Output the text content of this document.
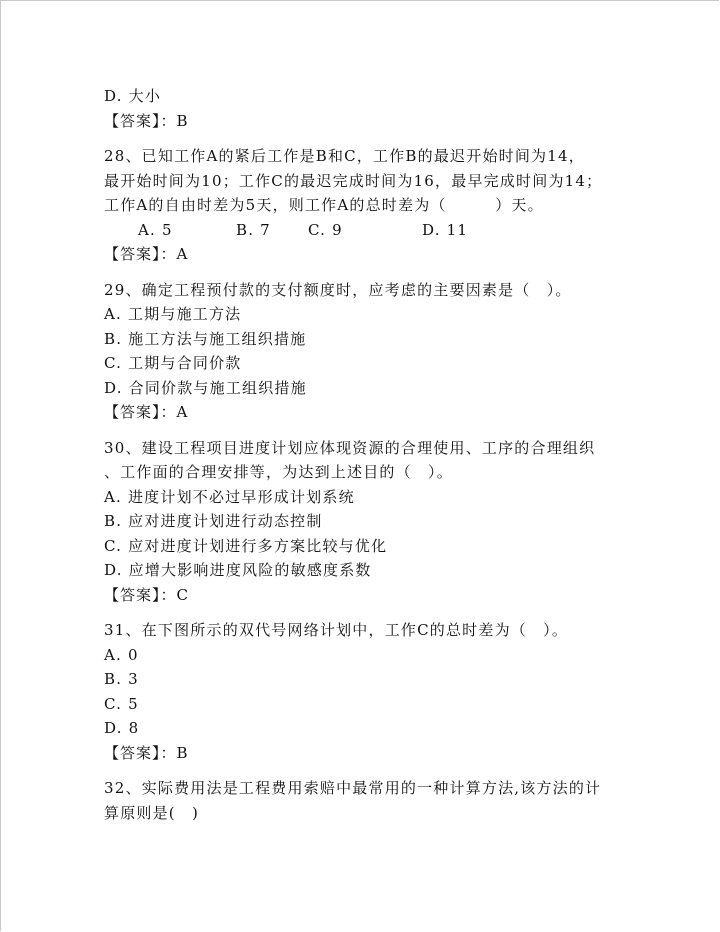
D. 大小
【答案】：B
28、已知工作A的紧后工作是B和C，工作B的最迟开始时间为14，
最开始时间为10；工作C的最迟完成时间为16，最早完成时间为14；
工作A的自由时差为5天，则工作A的总时差为（　　　）天。
A. 5	B. 7	C. 9	D. 11
【答案】：A
29、确定工程预付款的支付额度时，应考虑的主要因素是（　）。
A. 工期与施工方法
B. 施工方法与施工组织措施
C. 工期与合同价款
D. 合同价款与施工组织措施
【答案】：A
30、建设工程项目进度计划应体现资源的合理使用、工序的合理组织
、工作面的合理安排等，为达到上述目的（　）。
A. 进度计划不必过早形成计划系统
B. 应对进度计划进行动态控制
C. 应对进度计划进行多方案比较与优化
D. 应增大影响进度风险的敏感度系数
【答案】：C
31、在下图所示的双代号网络计划中，工作C的总时差为（　）。
A. 0
B. 3
C. 5
D. 8
【答案】：B
32、实际费用法是工程费用索赔中最常用的一种计算方法,该方法的计
算原则是(　)
